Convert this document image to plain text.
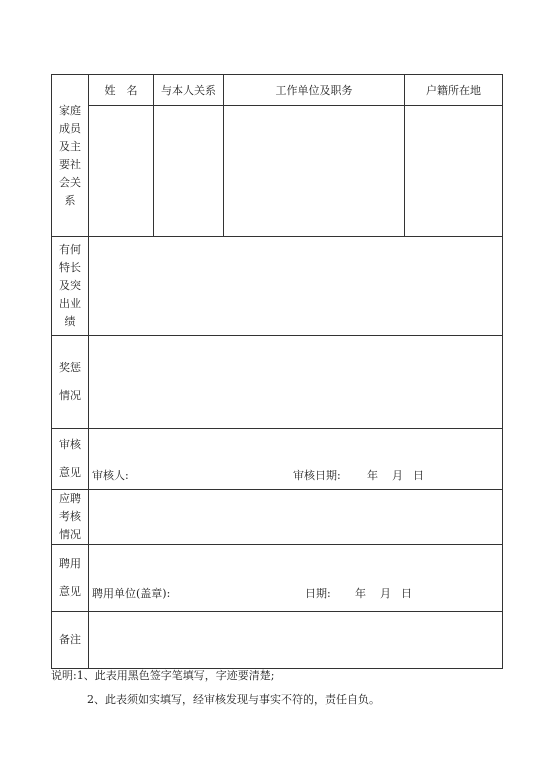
家庭成员及主要社会关系	姓　名	与本人关系	工作单位及职务	户籍所在地

有何特长及突出业绩				
奖惩
情况				
审核
意见	审核人: 审核日期: 年 月 日			

应聘考核情况				
聘用
意见	聘用单位(盖章): 日期: 年 月 日			

备注				
说明:1、此表用黑色签字笔填写，字迹要清楚;
2、此表须如实填写，经审核发现与事实不符的，责任自负。
